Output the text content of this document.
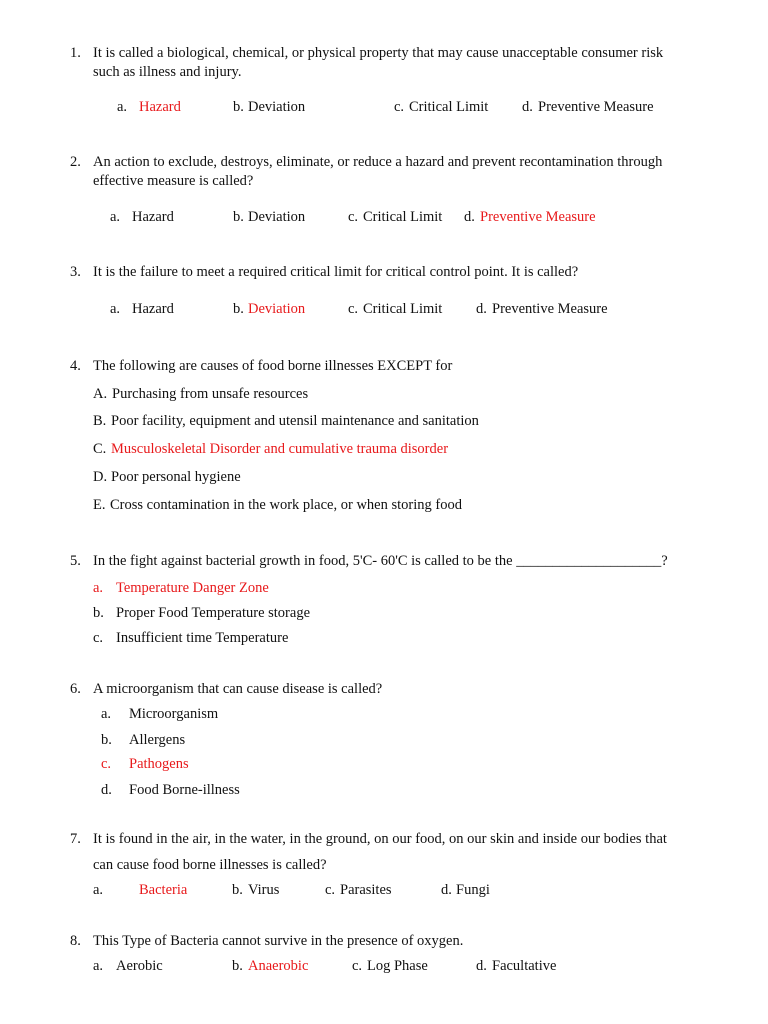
1. It is called a biological, chemical, or physical property that may cause unacceptable consumer risk
such as illness and injury.
a. Hazard	b. Deviation	c. Critical Limit d. Preventive Measure
2. An action to exclude, destroys, eliminate, or reduce a hazard and prevent recontamination through
effective measure is called?
a. Hazard	b. Deviation	c. Critical Limit d. Preventive Measure
3. It is the failure to meet a required critical limit for critical control point. It is called?
a. Hazard	b. Deviation	c. Critical Limit d. Preventive Measure
4. The following are causes of food borne illnesses EXCEPT for
A. Purchasing from unsafe resources
B. Poor facility, equipment and utensil maintenance and sanitation
C. Musculoskeletal Disorder and cumulative trauma disorder
D. Poor personal hygiene
E. Cross contamination in the work place, or when storing food
5. In the fight against bacterial growth in food, 5'C- 60'C is called to be the ____________________?
a. Temperature Danger Zone
b. Proper Food Temperature storage
c. Insufficient time Temperature
6. A microorganism that can cause disease is called?
a. Microorganism
b. Allergens
c. Pathogens
d. Food Borne-illness
7. It is found in the air, in the water, in the ground, on our food, on our skin and inside our bodies that
can cause food borne illnesses is called?
a. Bacteria	b. Virus	c. Parasites	d. Fungi
8. This Type of Bacteria cannot survive in the presence of oxygen.
a. Aerobic	b. Anaerobic	c. Log Phase	d. Facultative
